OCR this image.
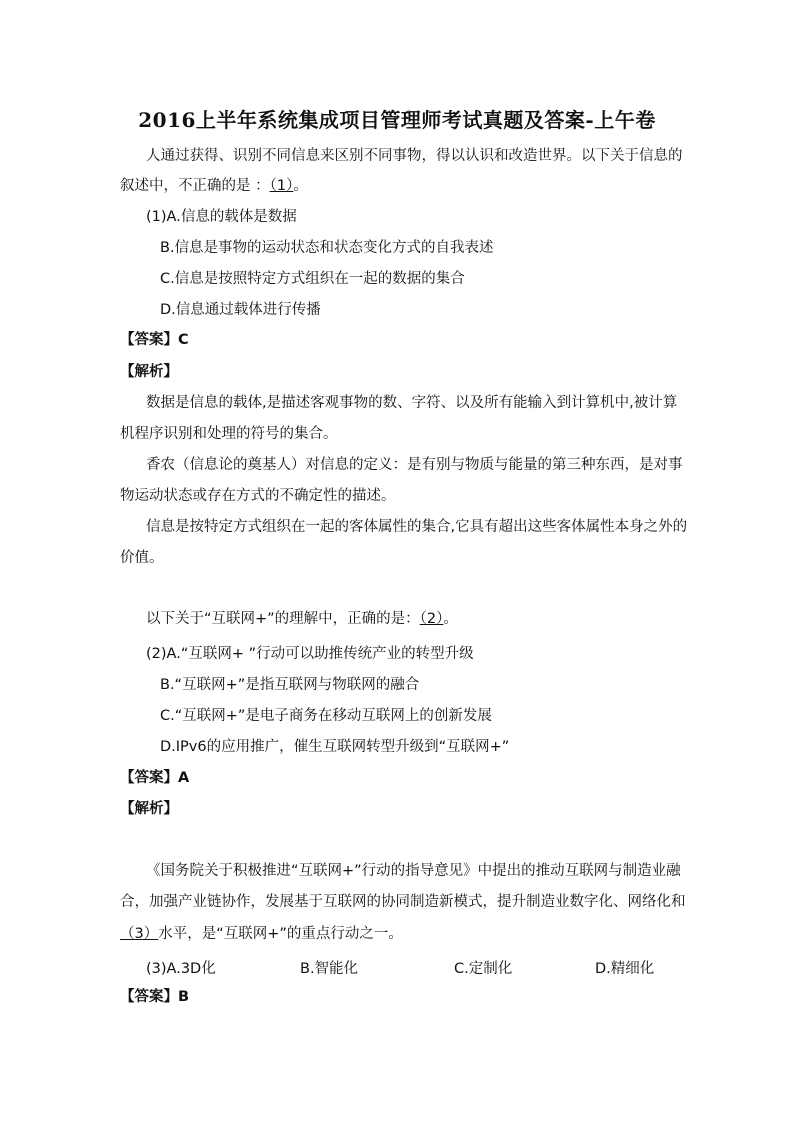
2016上半年系统集成项目管理师考试真题及答案-上午卷
人通过获得、识别不同信息来区别不同事物，得以认识和改造世界。以下关于信息的
叙述中，不正确的是 ：（1）。
(1)A.信息的载体是数据
B.信息是事物的运动状态和状态变化方式的自我表述
C.信息是按照特定方式组织在一起的数据的集合
D.信息通过载体进行传播
【答案】C
【解析】
数据是信息的载体,是描述客观事物的数、字符、以及所有能输入到计算机中,被计算
机程序识别和处理的符号的集合。
香农（信息论的奠基人）对信息的定义：是有别与物质与能量的第三种东西，是对事
物运动状态或存在方式的不确定性的描述。
信息是按特定方式组织在一起的客体属性的集合,它具有超出这些客体属性本身之外的
价值。
以下关于“互联网+”的理解中，正确的是：（2）。
(2)A.“互联网+ ”行动可以助推传统产业的转型升级
B.“互联网+”是指互联网与物联网的融合
C.“互联网+”是电子商务在移动互联网上的创新发展
D.IPv6的应用推广，催生互联网转型升级到“互联网+”
【答案】A
【解析】
《国务院关于积极推进“互联网+”行动的指导意见》中提出的推动互联网与制造业融
合，加强产业链协作，发展基于互联网的协同制造新模式，提升制造业数字化、网络化和
（3）水平，是“互联网+”的重点行动之一。
(3)A.3D化	B.智能化	C.定制化	D.精细化
【答案】B
